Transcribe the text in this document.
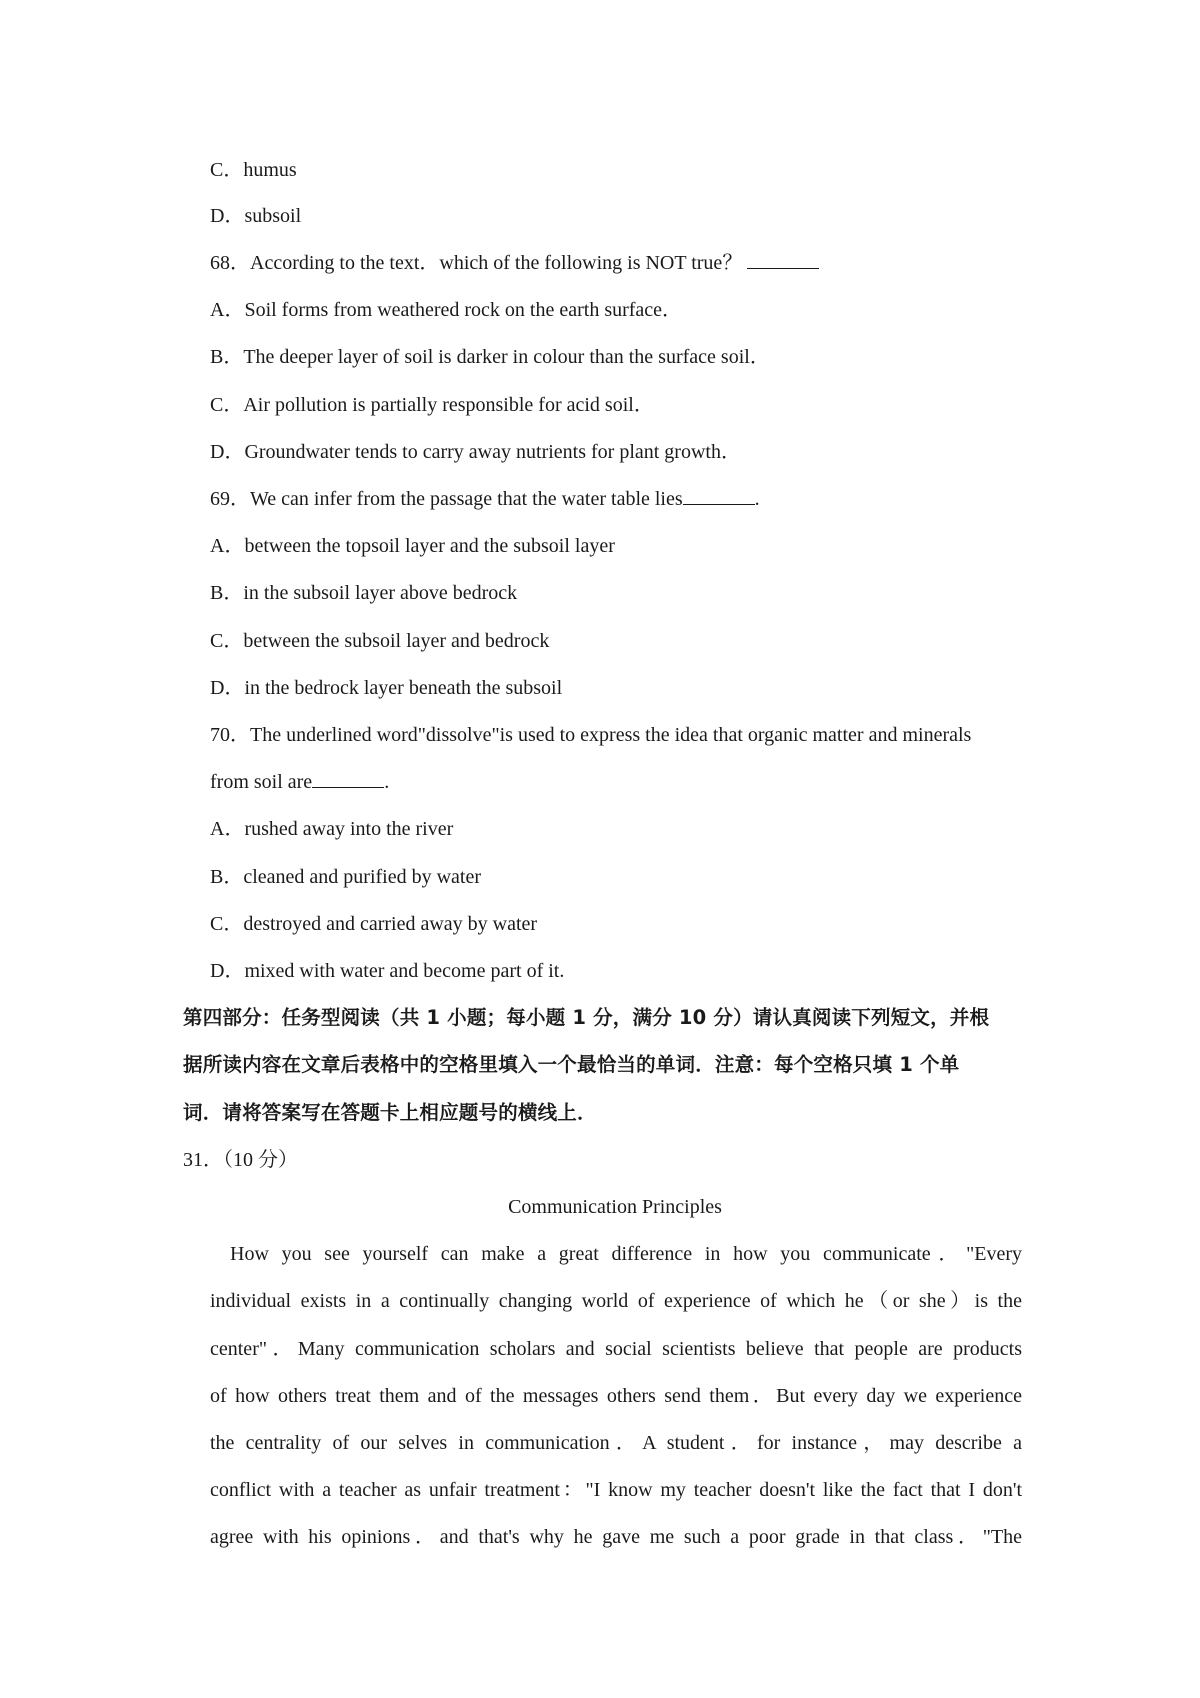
C．humus
D．subsoil
68．According to the text．which of the following is NOT true？
A．Soil forms from weathered rock on the earth surface．
B．The deeper layer of soil is darker in colour than the surface soil．
C．Air pollution is partially responsible for acid soil．
D．Groundwater tends to carry away nutrients for plant growth．
69．We can infer from the passage that the water table lies	.
A．between the topsoil layer and the subsoil layer
B．in the subsoil layer above bedrock
C．between the subsoil layer and bedrock
D．in the bedrock layer beneath the subsoil
70．The underlined word"dissolve"is used to express the idea that organic matter and minerals
from soil are	.
A．rushed away into the river
B．cleaned and purified by water
C．destroyed and carried away by water
D．mixed with water and become part of it.
第四部分：任务型阅读（共 1 小题；每小题 1 分，满分 10 分）请认真阅读下列短文，并根
据所读内容在文章后表格中的空格里填入一个最恰当的单词．注意：每个空格只填 1 个单
词．请将答案写在答题卡上相应题号的横线上．
31．（10 分）
Communication Principles
How you see yourself can make a great difference in how you communicate．"Every
individual exists in a continually changing world of experience of which he（or she）is the
center"．Many communication scholars and social scientists believe that people are products
of how others treat them and of the messages others send them．But every day we experience
the centrality of our selves in communication．A student．for instance，may describe a
conflict with a teacher as unfair treatment："I know my teacher doesn't like the fact that I don't
agree with his opinions．and that's why he gave me such a poor grade in that class．"The
